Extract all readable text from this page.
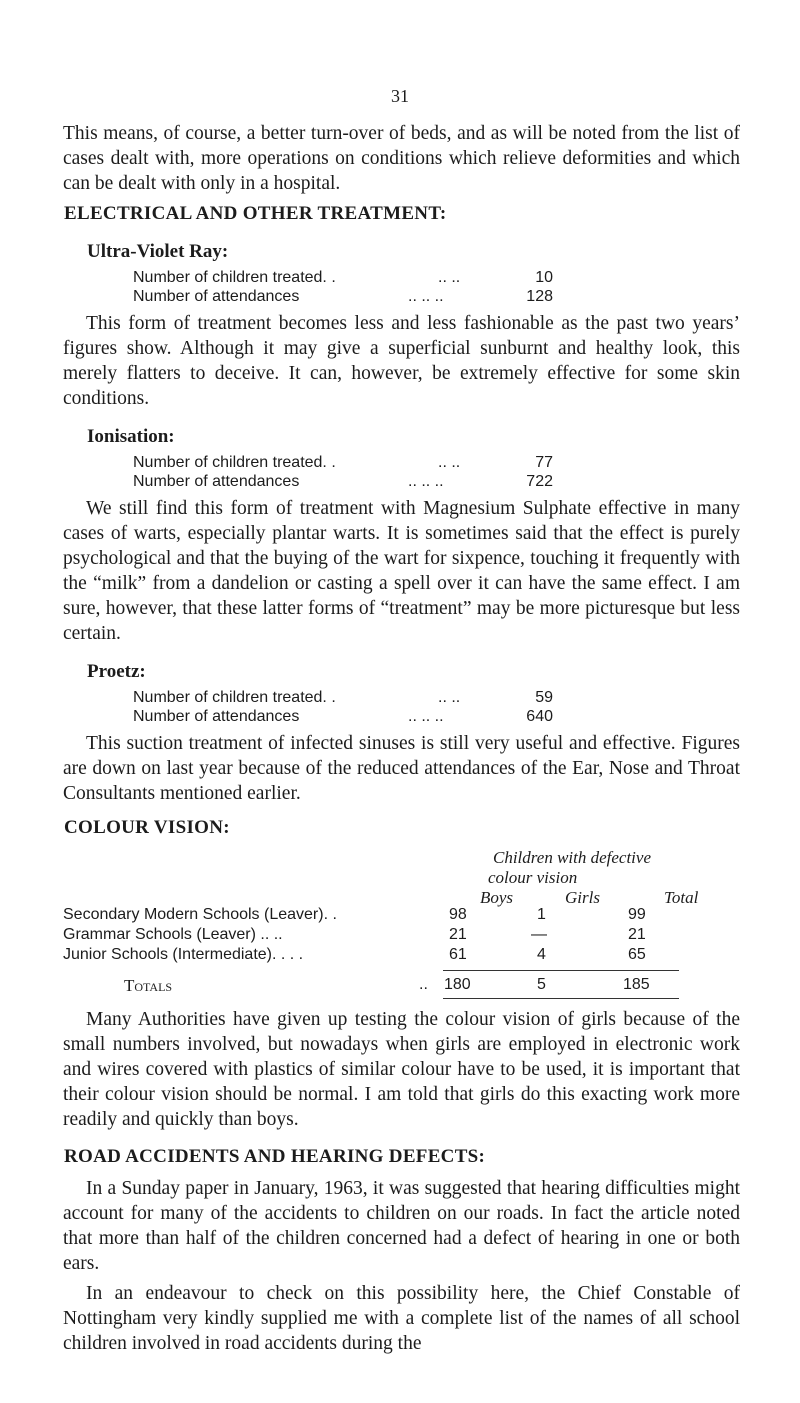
31

This means, of course, a better turn-over of beds, and as will be noted from the list of cases dealt with, more operations on conditions which relieve deformities and which can be dealt with only in a hospital.

ELECTRICAL AND OTHER TREATMENT:
Ultra-Violet Ray:
Number of children treated. .	.. ..	10
Number of attendances	.. .. ..	128

This form of treatment becomes less and less fashionable as the past two years’ figures show. Although it may give a superficial sunburnt and healthy look, this merely flatters to deceive. It can, however, be extremely effective for some skin conditions.

Ionisation:
Number of children treated. .	.. ..	77
Number of attendances	.. .. ..	722

We still find this form of treatment with Magnesium Sulphate effective in many cases of warts, especially plantar warts. It is sometimes said that the effect is purely psychological and that the buying of the wart for sixpence, touching it frequently with the “milk” from a dandelion or casting a spell over it can have the same effect. I am sure, however, that these latter forms of “treatment” may be more picturesque but less certain.

Proetz:
Number of children treated. .	.. ..	59
Number of attendances	.. .. ..	640

This suction treatment of infected sinuses is still very useful and effective. Figures are down on last year because of the reduced attendances of the Ear, Nose and Throat Consultants mentioned earlier.

COLOUR VISION:
Children with defective
colour vision
Boys	Girls	Total
Secondary Modern Schools (Leaver). .	98	1	99
Grammar Schools (Leaver) .. ..	21	—	21
Junior Schools (Intermediate). . . .	61	4	65
Totals	.. 180	5	185

Many Authorities have given up testing the colour vision of girls because of the small numbers involved, but nowadays when girls are employed in electronic work and wires covered with plastics of similar colour have to be used, it is important that their colour vision should be normal. I am told that girls do this exacting work more readily and quickly than boys.

ROAD ACCIDENTS AND HEARING DEFECTS:

In a Sunday paper in January, 1963, it was suggested that hearing difficulties might account for many of the accidents to children on our roads. In fact the article noted that more than half of the children concerned had a defect of hearing in one or both ears.

In an endeavour to check on this possibility here, the Chief Constable of Nottingham very kindly supplied me with a complete list of the names of all school children involved in road accidents during the
